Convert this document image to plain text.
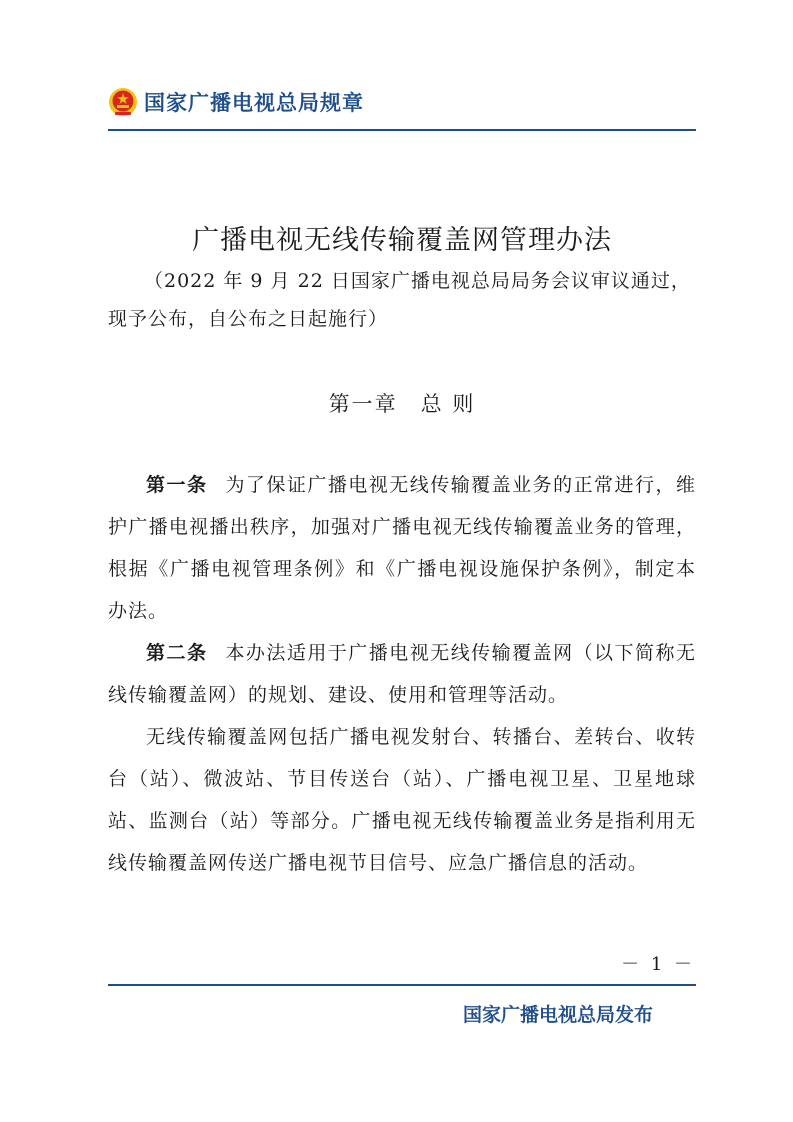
国家广播电视总局规章
广播电视无线传输覆盖网管理办法
（2022 年 9 月 22 日国家广播电视总局局务会议审议通过，现予公布，自公布之日起施行）
第一章　总 则

第一条 为了保证广播电视无线传输覆盖业务的正常进行，维护广播电视播出秩序，加强对广播电视无线传输覆盖业务的管理，根据《广播电视管理条例》和《广播电视设施保护条例》，制定本办法。

第二条 本办法适用于广播电视无线传输覆盖网（以下简称无线传输覆盖网）的规划、建设、使用和管理等活动。

无线传输覆盖网包括广播电视发射台、转播台、差转台、收转台（站）、微波站、节目传送台（站）、广播电视卫星、卫星地球站、监测台（站）等部分。广播电视无线传输覆盖业务是指利用无线传输覆盖网传送广播电视节目信号、应急广播信息的活动。

－ 1 －
国家广播电视总局发布
